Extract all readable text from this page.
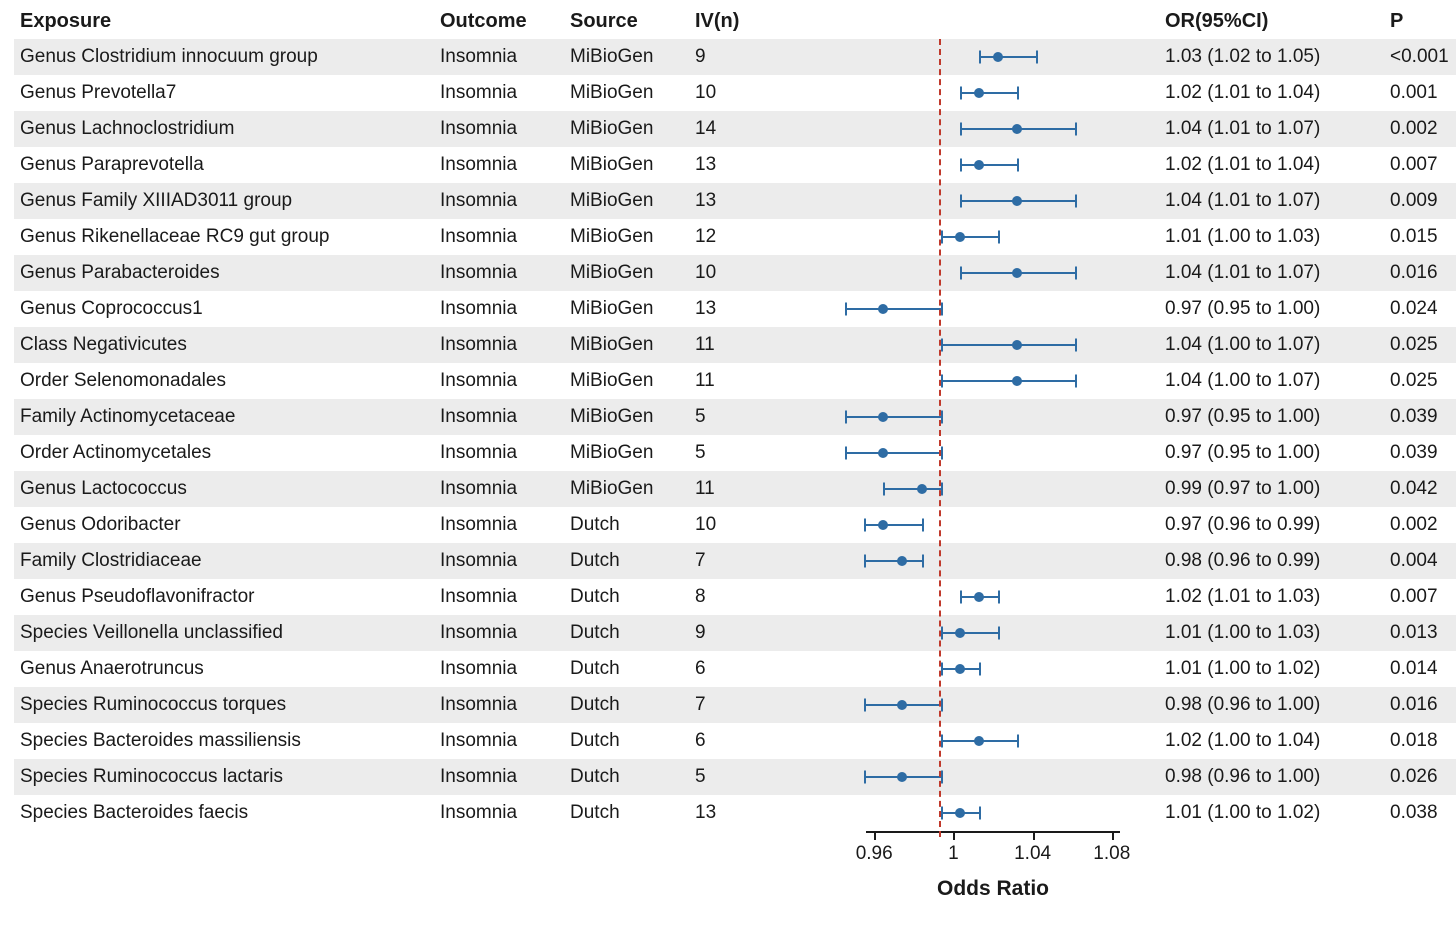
Exposure	Outcome	Source	IV(n)		OR(95%CI)	P
Genus Clostridium innocuum group	Insomnia	MiBioGen	9		1.03 (1.02 to 1.05)	<0.001
Genus Prevotella7	Insomnia	MiBioGen	10		1.02 (1.01 to 1.04)	0.001
Genus Lachnoclostridium	Insomnia	MiBioGen	14		1.04 (1.01 to 1.07)	0.002
Genus Paraprevotella	Insomnia	MiBioGen	13		1.02 (1.01 to 1.04)	0.007
Genus Family XIIIAD3011 group	Insomnia	MiBioGen	13		1.04 (1.01 to 1.07)	0.009
Genus Rikenellaceae RC9 gut group	Insomnia	MiBioGen	12		1.01 (1.00 to 1.03)	0.015
Genus Parabacteroides	Insomnia	MiBioGen	10		1.04 (1.01 to 1.07)	0.016
Genus Coprococcus1	Insomnia	MiBioGen	13		0.97 (0.95 to 1.00)	0.024
Class Negativicutes	Insomnia	MiBioGen	11		1.04 (1.00 to 1.07)	0.025
Order Selenomonadales	Insomnia	MiBioGen	11		1.04 (1.00 to 1.07)	0.025
Family Actinomycetaceae	Insomnia	MiBioGen	5		0.97 (0.95 to 1.00)	0.039
Order Actinomycetales	Insomnia	MiBioGen	5		0.97 (0.95 to 1.00)	0.039
Genus Lactococcus	Insomnia	MiBioGen	11		0.99 (0.97 to 1.00)	0.042
Genus Odoribacter	Insomnia	Dutch	10		0.97 (0.96 to 0.99)	0.002
Family Clostridiaceae	Insomnia	Dutch	7		0.98 (0.96 to 0.99)	0.004
Genus Pseudoflavonifractor	Insomnia	Dutch	8		1.02 (1.01 to 1.03)	0.007
Species Veillonella unclassified	Insomnia	Dutch	9		1.01 (1.00 to 1.03)	0.013
Genus Anaerotruncus	Insomnia	Dutch	6		1.01 (1.00 to 1.02)	0.014
Species Ruminococcus torques	Insomnia	Dutch	7		0.98 (0.96 to 1.00)	0.016
Species Bacteroides massiliensis	Insomnia	Dutch	6		1.02 (1.00 to 1.04)	0.018
Species Ruminococcus lactaris	Insomnia	Dutch	5		0.98 (0.96 to 1.00)	0.026
Species Bacteroides faecis	Insomnia	Dutch	13		1.01 (1.00 to 1.02)	0.038
0.96	1	1.04 1.08
Odds Ratio
